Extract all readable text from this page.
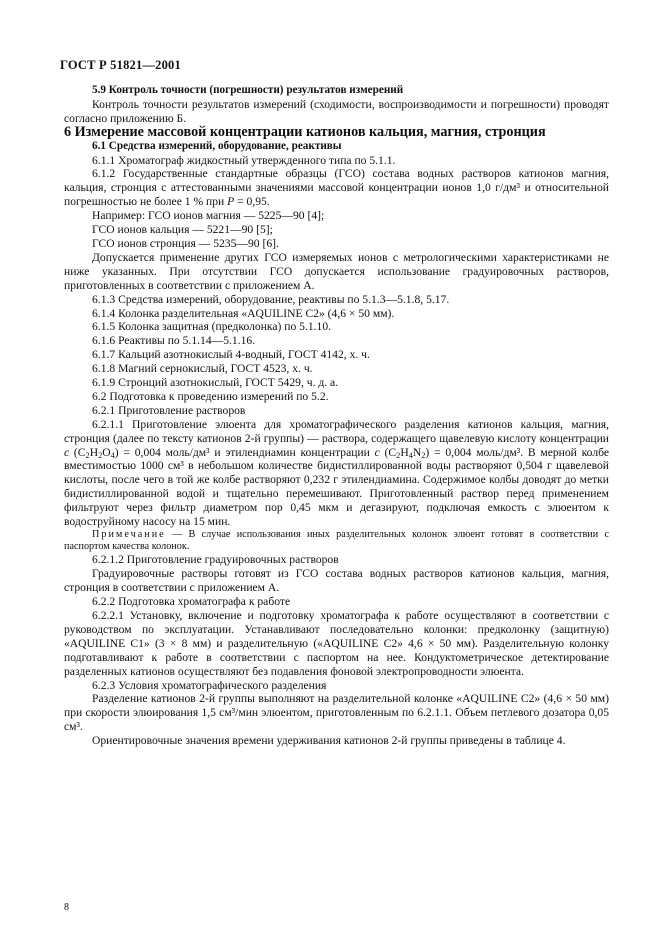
ГОСТ Р 51821—2001

5.9 Контроль точности (погрешности) результатов измерений

Контроль точности результатов измерений (сходимости, воспроизводимости и погрешности) проводят согласно приложению Б.

6 Измерение массовой концентрации катионов кальция, магния, стронция

6.1 Средства измерений, оборудование, реактивы

6.1.1 Хроматограф жидкостный утвержденного типа по 5.1.1.

6.1.2 Государственные стандартные образцы (ГСО) состава водных растворов катионов магния, кальция, стронция с аттестованными значениями массовой концентрации ионов 1,0 г/дм³ и относительной погрешностью не более 1 % при P = 0,95.

Например: ГСО ионов магния — 5225—90 [4];

ГСО ионов кальция — 5221—90 [5];

ГСО ионов стронция — 5235—90 [6].

Допускается применение других ГСО измеряемых ионов с метрологическими характеристиками не ниже указанных. При отсутствии ГСО допускается использование градуировочных растворов, приготовленных в соответствии с приложением А.

6.1.3 Средства измерений, оборудование, реактивы по 5.1.3—5.1.8, 5.17.

6.1.4 Колонка разделительная «AQUILINE C2» (4,6 × 50 мм).

6.1.5 Колонка защитная (предколонка) по 5.1.10.

6.1.6 Реактивы по 5.1.14—5.1.16.

6.1.7 Кальций азотнокислый 4-водный, ГОСТ 4142, х. ч.

6.1.8 Магний сернокислый, ГОСТ 4523, х. ч.

6.1.9 Стронций азотнокислый, ГОСТ 5429, ч. д. а.

6.2 Подготовка к проведению измерений по 5.2.

6.2.1 Приготовление растворов

6.2.1.1 Приготовление элюента для хроматографического разделения катионов кальция, магния, стронция (далее по тексту катионов 2-й группы) — раствора, содержащего щавелевую кислоту концентрации c $(C_2H_2O_4) = 0,004$ моль/дм³ и этилендиамин концентрации c $(C_2H_4N_2) = 0,004$ моль/дм³. В мерной колбе вместимостью 1000 см³ в небольшом количестве бидистиллированной воды растворяют 0,504 г щавелевой кислоты, после чего в той же колбе растворяют 0,232 г этилендиамина. Содержимое колбы доводят до метки бидистиллированной водой и тщательно перемешивают. Приготовленный раствор перед применением фильтруют через фильтр диаметром пор 0,45 мкм и дегазируют, подключая емкость с элюентом к водоструйному насосу на 15 мин.

Примечание — В случае использования иных разделительных колонок элюент готовят в соответствии с паспортом качества колонок.

6.2.1.2 Приготовление градуировочных растворов

Градуировочные растворы готовят из ГСО состава водных растворов катионов кальция, магния, стронция в соответствии с приложением А.

6.2.2 Подготовка хроматографа к работе

6.2.2.1 Установку, включение и подготовку хроматографа к работе осуществляют в соответствии с руководством по эксплуатации. Устанавливают последовательно колонки: предколонку (защитную) «AQUILINE C1» (3 × 8 мм) и разделительную («AQUILINE C2» 4,6 × 50 мм). Разделительную колонку подготавливают к работе в соответствии с паспортом на нее. Кондуктометрическое детектирование разделенных катионов осуществляют без подавления фоновой электропроводности элюента.

6.2.3 Условия хроматографического разделения

Разделение катионов 2-й группы выполняют на разделительной колонке «AQUILINE C2» (4,6 × 50 мм) при скорости элюирования 1,5 см³/мин элюентом, приготовленным по 6.2.1.1. Объем петлевого дозатора 0,05 см³.

Ориентировочные значения времени удерживания катионов 2-й группы приведены в таблице 4.

8
